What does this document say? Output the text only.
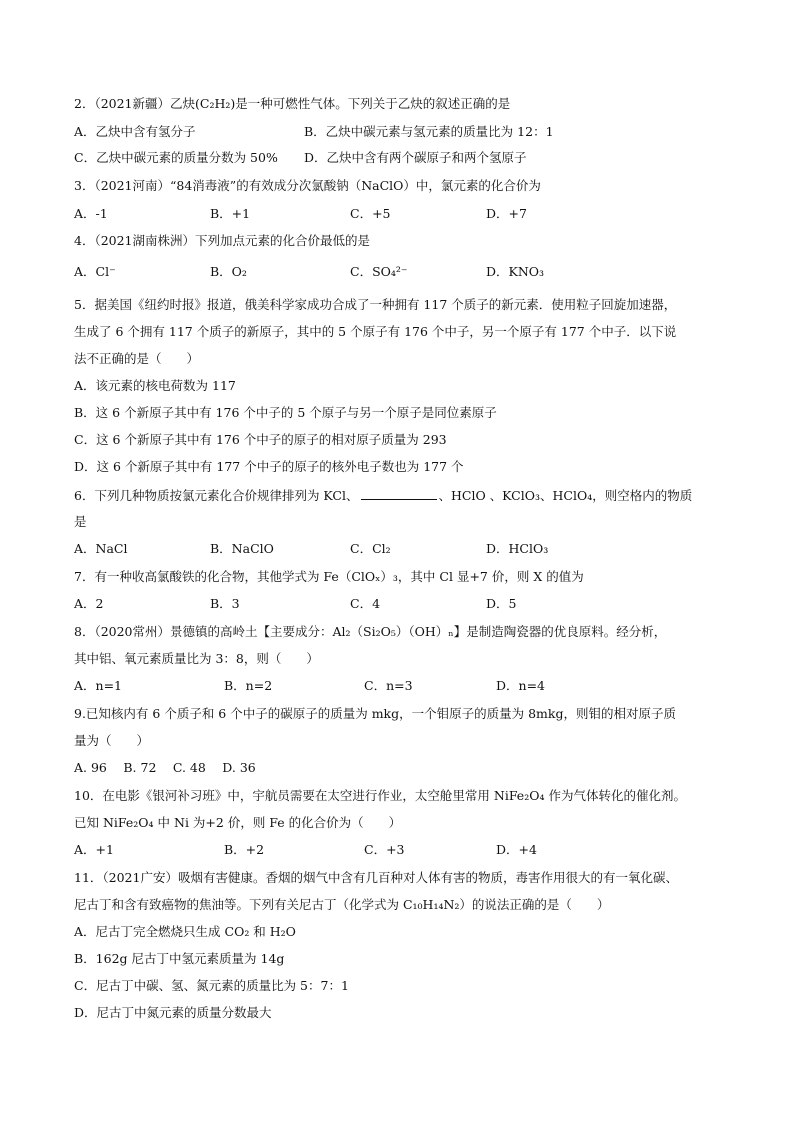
2．（2021新疆）乙炔(C₂H₂)是一种可燃性气体。下列关于乙炔的叙述正确的是
A．乙炔中含有氢分子	B．乙炔中碳元素与氢元素的质量比为 12：1
C．乙炔中碳元素的质量分数为 50% D．乙炔中含有两个碳原子和两个氢原子
3．（2021河南）“84消毒液”的有效成分次氯酸钠（NaClO）中，氯元素的化合价为
A．-1	B．+1	C．+5	D．+7
4．（2021湖南株洲）下列加点元素的化合价最低的是
A．Cl⁻	B．O₂	C．SO₄²⁻	D．KNO₃
5．据美国《纽约时报》报道，俄美科学家成功合成了一种拥有 117 个质子的新元素．使用粒子回旋加速器，
生成了 6 个拥有 117 个质子的新原子，其中的 5 个原子有 176 个中子，另一个原子有 177 个中子．以下说
法不正确的是（　　）
A．该元素的核电荷数为 117
B．这 6 个新原子其中有 176 个中子的 5 个原子与另一个原子是同位素原子
C．这 6 个新原子其中有 176 个中子的原子的相对原子质量为 293
D．这 6 个新原子其中有 177 个中子的原子的核外电子数也为 177 个
6．下列几种物质按氯元素化合价规律排列为 KCl、	、HClO 、KClO₃、HClO₄，则空格内的物质
是
A．NaCl	B．NaClO	C．Cl₂	D．HClO₃
7．有一种收高氯酸铁的化合物，其他学式为 Fe（ClOₓ）₃，其中 Cl 显+7 价，则 X 的值为
A．2	B．3	C．4	D．5
8．（2020常州）景德镇的高岭土【主要成分：Al₂（Si₂O₅）（OH）ₙ】是制造陶瓷器的优良原料。经分析，
其中铝、氧元素质量比为 3：8，则（　　）
A．n=1	B．n=2	C．n=3	D．n=4
9.已知核内有 6 个质子和 6 个中子的碳原子的质量为 mkg，一个钼原子的质量为 8mkg，则钼的相对原子质
量为（　　）
A. 96　 B. 72　 C. 48　 D. 36
10．在电影《银河补习班》中，宇航员需要在太空进行作业，太空舱里常用 NiFe₂O₄ 作为气体转化的催化剂。
已知 NiFe₂O₄ 中 Ni 为+2 价，则 Fe 的化合价为（　　）
A．+1	B．+2	C．+3	D．+4
11．（2021广安）吸烟有害健康。香烟的烟气中含有几百种对人体有害的物质，毒害作用很大的有一氧化碳、
尼古丁和含有致癌物的焦油等。下列有关尼古丁（化学式为 C₁₀H₁₄N₂）的说法正确的是（　　）
A．尼古丁完全燃烧只生成 CO₂ 和 H₂O
B．162g 尼古丁中氢元素质量为 14g
C．尼古丁中碳、氢、氮元素的质量比为 5：7：1
D．尼古丁中氮元素的质量分数最大
